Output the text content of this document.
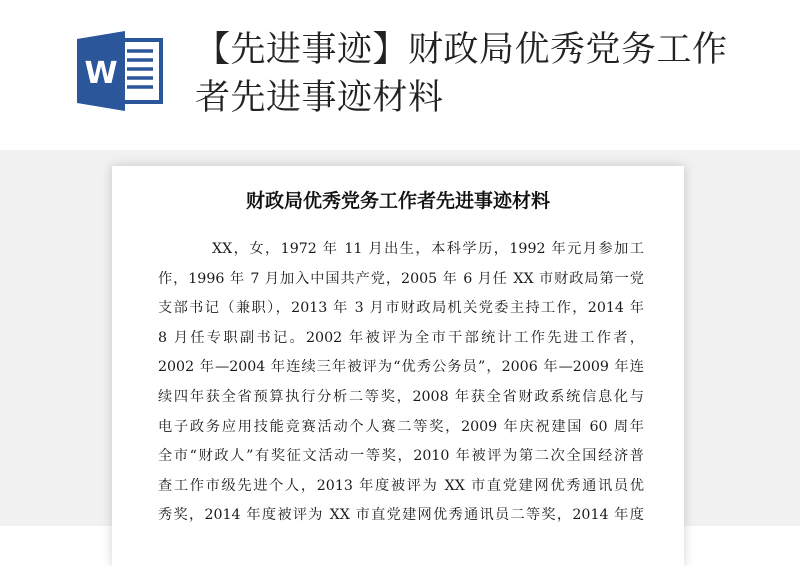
W
【先进事迹】财政局优秀党务工作者先进事迹材料
财政局优秀党务工作者先进事迹材料
XX，女，1972 年 11 月出生，本科学历，1992 年元月参加工
作，1996 年 7 月加入中国共产党，2005 年 6 月任 XX 市财政局第一党
支部书记（兼职），2013 年 3 月市财政局机关党委主持工作，2014 年
8 月任专职副书记。2002 年被评为全市干部统计工作先进工作者，
2002 年—2004 年连续三年被评为“优秀公务员”，2006 年—2009 年连
续四年获全省预算执行分析二等奖，2008 年获全省财政系统信息化与
电子政务应用技能竞赛活动个人赛二等奖，2009 年庆祝建国 60 周年
全市“财政人”有奖征文活动一等奖，2010 年被评为第二次全国经济普
查工作市级先进个人，2013 年度被评为 XX 市直党建网优秀通讯员优
秀奖，2014 年度被评为 XX 市直党建网优秀通讯员二等奖，2014 年度
